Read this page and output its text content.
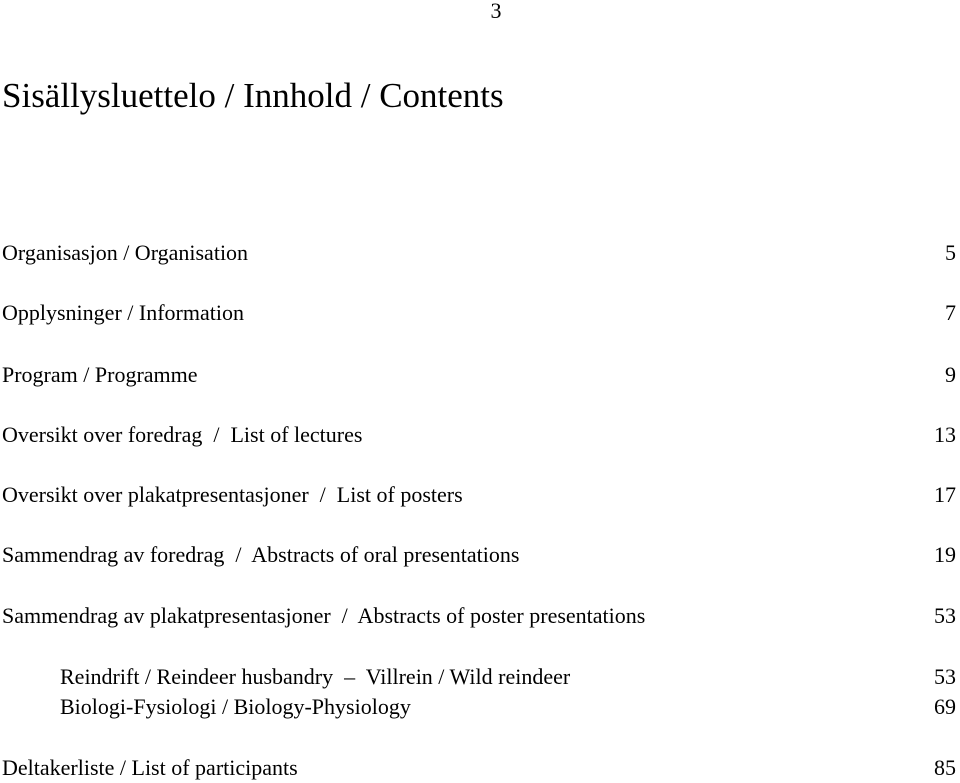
3
Sisällysluettelo / Innhold / Contents
Organisasjon / Organisation	5
Opplysninger / Information	7
Program / Programme	9
Oversikt over foredrag  /  List of lectures	13
Oversikt over plakatpresentasjoner  /  List of posters	17
Sammendrag av foredrag  /  Abstracts of oral presentations	19
Sammendrag av plakatpresentasjoner  /  Abstracts of poster presentations	53
Reindrift / Reindeer husbandry  –  Villrein / Wild reindeer	53
Biologi-Fysiologi / Biology-Physiology	69
Deltakerliste / List of participants	85
